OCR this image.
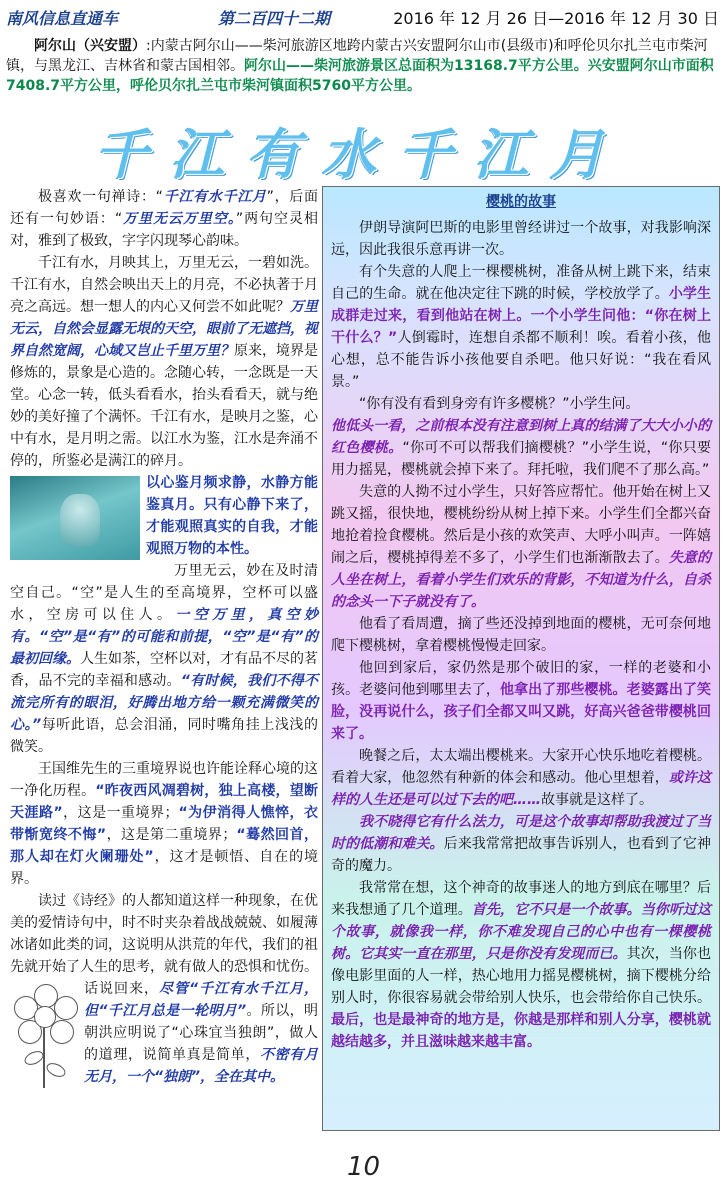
南风信息直通车	第二百四十二期	2016 年 12 月 26 日—2016 年 12 月 30 日
阿尔山（兴安盟）:内蒙古阿尔山——柴河旅游区地跨内蒙古兴安盟阿尔山市(县级市)和呼伦贝尔扎兰屯市柴河镇，与黑龙江、吉林省和蒙古国相邻。阿尔山——柴河旅游景区总面积为13168.7平方公里。兴安盟阿尔山市面积7408.7平方公里，呼伦贝尔扎兰屯市柴河镇面积5760平方公里。
千江有水千江月

极喜欢一句禅诗：“千江有水千江月”，后面还有一句妙语：“万里无云万里空。”两句空灵相对，雅到了极致，字字闪现琴心韵味。

千江有水，月映其上，万里无云，一碧如洗。千江有水，自然会映出天上的月亮，不必执著于月亮之高远。想一想人的内心又何尝不如此呢？万里无云，自然会显露无垠的天空，眼前了无遮挡，视界自然宽阔，心域又岂止千里万里？原来，境界是修炼的，景象是心造的。念随心转，一念既是一天堂。心念一转，低头看看水，抬头看看天，就与绝妙的美好撞了个满怀。千江有水，是映月之鉴，心中有水，是月明之需。以江水为鉴，江水是奔涌不停的，所鉴必是满江的碎月。

以心鉴月频求静，水静方能鉴真月。只有心静下来了，才能观照真实的自我，才能观照万物的本性。

万里无云，妙在及时清空自己。“空”是人生的至高境界，空杯可以盛水，空房可以住人。一空万里，真空妙有。“空”是“有”的可能和前提，“空”是“有”的最初回缘。人生如茶，空杯以对，才有品不尽的茗香，品不完的幸福和感动。“有时候，我们不得不流完所有的眼泪，好腾出地方给一颗充满微笑的心。”每听此语，总会泪涌，同时嘴角挂上浅浅的微笑。

王国维先生的三重境界说也许能诠释心境的这一净化历程。“昨夜西风凋碧树，独上高楼，望断天涯路”，这是一重境界；“为伊消得人憔悴，衣带惭宽终不悔”，这是第二重境界；“蓦然回首，那人却在灯火阑珊处”，这才是顿悟、自在的境界。

读过《诗经》的人都知道这样一种现象，在优美的爱情诗句中，时不时夹杂着战战兢兢、如履薄冰诸如此类的词，这说明从洪荒的年代，我们的祖先就开始了人生的思考，就有做人的恐惧和忧伤。话说回来，
尽管“千江有水千江月，但“千江月总是一轮明月”。所以，明朝洪应明说了“心珠宜当独朗”，做人的道理，说简单真是简单，不密有月无月，一个“独朗”，全在其中。

樱桃的故事

伊朗导演阿巴斯的电影里曾经讲过一个故事，对我影响深远，因此我很乐意再讲一次。

有个失意的人爬上一棵樱桃树，准备从树上跳下来，结束自己的生命。就在他决定往下跳的时候，学校放学了。小学生成群走过来，看到他站在树上。一个小学生问他：“你在树上干什么？”人倒霉时，连想自杀都不顺利！唉。看着小孩，他心想，总不能告诉小孩他要自杀吧。他只好说：“我在看风景。”

“你有没有看到身旁有许多樱桃？”小学生问。

他低头一看，之前根本没有注意到树上真的结满了大大小小的红色樱桃。“你可不可以帮我们摘樱桃？”小学生说，“你只要用力摇晃，樱桃就会掉下来了。拜托啦，我们爬不了那么高。”

失意的人拗不过小学生，只好答应帮忙。他开始在树上又跳又摇，很快地，樱桃纷纷从树上掉下来。小学生们全都兴奋地抢着捡食樱桃。然后是小孩的欢笑声、大呼小叫声。一阵嬉闹之后，樱桃掉得差不多了，小学生们也渐渐散去了。失意的人坐在树上，看着小学生们欢乐的背影，不知道为什么，自杀的念头一下子就没有了。

他看了看周遭，摘了些还没掉到地面的樱桃，无可奈何地爬下樱桃树，拿着樱桃慢慢走回家。

他回到家后，家仍然是那个破旧的家，一样的老婆和小孩。老婆问他到哪里去了，他拿出了那些樱桃。老婆露出了笑脸，没再说什么，孩子们全都又叫又跳，好高兴爸爸带樱桃回来了。

晚餐之后，太太端出樱桃来。大家开心快乐地吃着樱桃。看着大家，他忽然有种新的体会和感动。他心里想着，或许这样的人生还是可以过下去的吧……故事就是这样了。

我不晓得它有什么法力，可是这个故事却帮助我渡过了当时的低潮和难关。后来我常常把故事告诉别人，也看到了它神奇的魔力。

我常常在想，这个神奇的故事迷人的地方到底在哪里？后来我想通了几个道理。首先，它不只是一个故事。当你听过这个故事，就像我一样，你不难发现自己的心中也有一棵樱桃树。它其实一直在那里，只是你没有发现而已。其次，当你也像电影里面的人一样，热心地用力摇晃樱桃树，摘下樱桃分给别人时，你很容易就会带给别人快乐，也会带给你自己快乐。最后，也是最神奇的地方是，你越是那样和别人分享，樱桃就越结越多，并且滋味越来越丰富。

10
